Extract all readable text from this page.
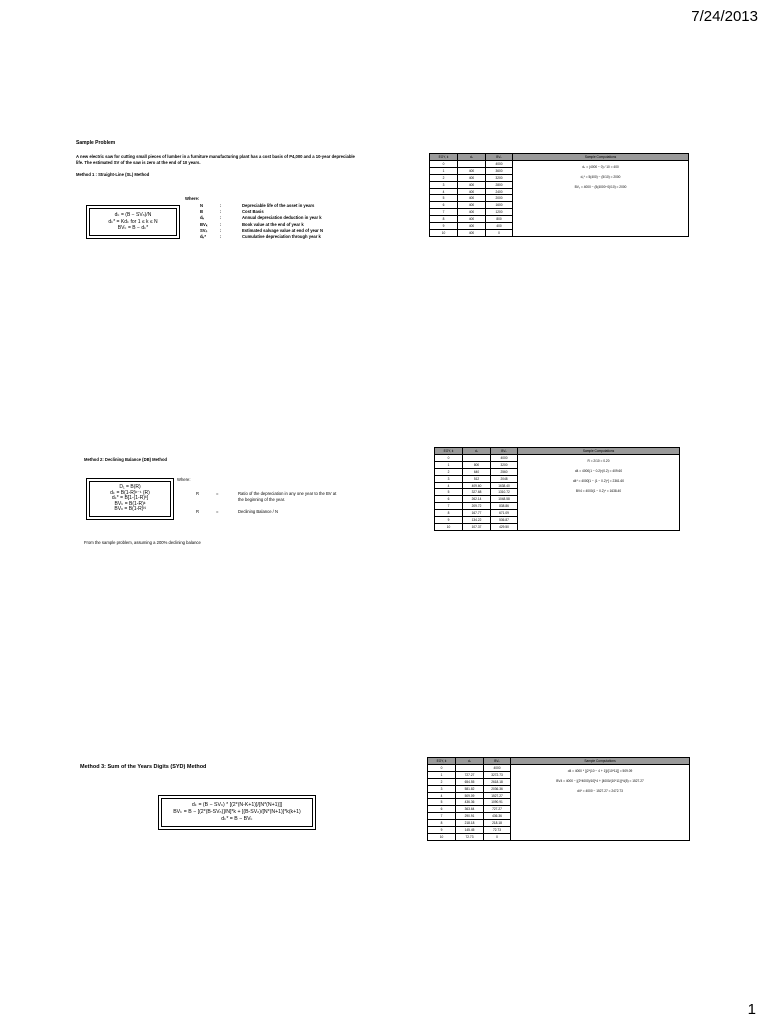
7/24/2013
Sample Problem
A new electric saw for cutting small pieces of lumber in a furniture manufacturing plant has a cost basis of P4,000 and a 10-year depreciable life. The estimated SV of the saw is zero at the end of 10 years.
Method 1 : Straight-Line (SL) Method
Where:
dₖ = (B − SVₙ)/N
dₖ* = Kdₖ for 1 ≤ k ≤ N
BVₖ = B − dₖ*
N	:	Depreciable life of the asset in years
B	:	Cost Basis
dₖ	:	Annual depreciation deduction in year k
BVₖ	:	Book value at the end of year k
SVₙ	:	Estimated salvage value at end of year N
dₖ*	:	Cumulative depreciation through year k
EOY, k	dₖ	BVₖ	Sample Computations
0		4000	dₖ = (4000 − 0) / 10 = 400
d₅* = 5(400) − (5/10) = 2000
BV₅ = 4000 − (5(4000−0)/10) = 2000

1	400	3600	
2	400	3200	
3	400	2800	
4	400	2400	
5	400	2000	
6	400	1600	
7	400	1200	
8	400	800	
9	400	400	
10	400	0	
Method 2: Declining Balance (DB) Method
D₁ = B(R)
dₖ = B(1-R)ᵏ⁻¹ (R)
dₖ* = B[1-(1-R)ᵏ]
BVₖ = B(1-R)ᵏ
BVₙ = B(1-R)ᴺ
Where:
R	=	Ratio of the depreciation in any one year to the BV at the beginning of the year.
R	=	Declining Balance / N
From the sample problem, assuming a 200% declining balance
EOY, k	dₖ	BVₖ	Sample Computations
0		4000	R = 2/10 = 0.20
d4 = 4000(1 − 0.2)³(0.2) = 409.60
d4* = 4000[1 − (1 − 0.2)⁴] = 2361.60
BV4 = 4000(1 − 0.2)⁴ = 1638.40

1	800	3200	
2	640	2560	
3	512	2048	
4	409.60	1638.40	
5	327.68	1310.72	
6	262.14	1048.58	
7	209.72	838.86	
8	167.77	671.09	
9	134.22	536.87	
10	107.37	429.50	
Method 3: Sum of the Years Digits (SYD) Method
dₖ = (B − SVₙ) * [(2*(N-K+1)]/[N*(N+1)]]
BVₖ = B − [(2*(B-SVₙ)]/N]*k + [(B-SVₙ)/[N*(N+1)]*k(k+1)
dₖ* = B − BVₖ
EOY, k	dₖ	BVₖ	Sample Computations
0		4000	d4 = 4000 * [(2*(10 − 4 + 1)]/[10*11]] = 509.09
BV4 = 4000 − [(2*4000)/10]*4 + [4000/(10*11)]*4(5) = 1527.27
d4* = 4000 − 1527.27 = 2472.73

1	727.27	3272.73	
2	654.55	2618.18	
3	581.82	2036.36	
4	509.09	1527.27	
5	436.36	1090.91	
6	363.64	727.27	
7	290.91	436.36	
8	218.18	218.18	
9	145.45	72.73	
10	72.73	0	
1
